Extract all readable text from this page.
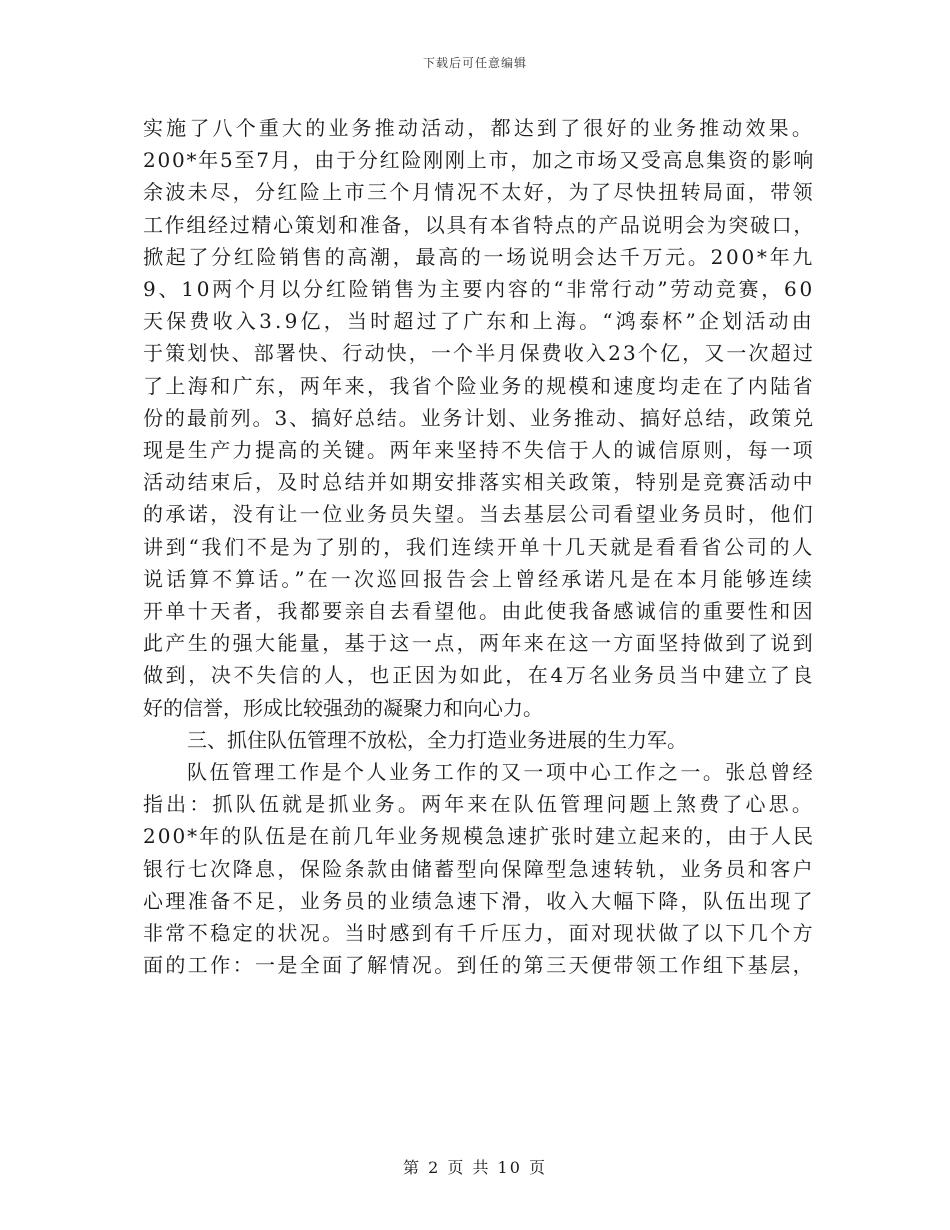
下载后可任意编辑
实施了八个重大的业务推动活动，都达到了很好的业务推动效果。
200*年5至7月，由于分红险刚刚上市，加之市场又受高息集资的影响
余波未尽，分红险上市三个月情况不太好，为了尽快扭转局面，带领
工作组经过精心策划和准备，以具有本省特点的产品说明会为突破口，
掀起了分红险销售的高潮，最高的一场说明会达千万元。200*年九
9、10两个月以分红险销售为主要内容的“非常行动”劳动竞赛，60
天保费收入3.9亿，当时超过了广东和上海。“鸿泰杯”企划活动由
于策划快、部署快、行动快，一个半月保费收入23个亿，又一次超过
了上海和广东，两年来，我省个险业务的规模和速度均走在了内陆省
份的最前列。3、搞好总结。业务计划、业务推动、搞好总结，政策兑
现是生产力提高的关键。两年来坚持不失信于人的诚信原则，每一项
活动结束后，及时总结并如期安排落实相关政策，特别是竞赛活动中
的承诺，没有让一位业务员失望。当去基层公司看望业务员时，他们
讲到“我们不是为了别的，我们连续开单十几天就是看看省公司的人
说话算不算话。”在一次巡回报告会上曾经承诺凡是在本月能够连续
开单十天者，我都要亲自去看望他。由此使我备感诚信的重要性和因
此产生的强大能量，基于这一点，两年来在这一方面坚持做到了说到
做到，决不失信的人，也正因为如此，在4万名业务员当中建立了良
好的信誉，形成比较强劲的凝聚力和向心力。
三、抓住队伍管理不放松，全力打造业务进展的生力军。
队伍管理工作是个人业务工作的又一项中心工作之一。张总曾经
指出：抓队伍就是抓业务。两年来在队伍管理问题上煞费了心思。
200*年的队伍是在前几年业务规模急速扩张时建立起来的，由于人民
银行七次降息，保险条款由储蓄型向保障型急速转轨，业务员和客户
心理准备不足，业务员的业绩急速下滑，收入大幅下降，队伍出现了
非常不稳定的状况。当时感到有千斤压力，面对现状做了以下几个方
面的工作：一是全面了解情况。到任的第三天便带领工作组下基层，
第 2 页 共 10 页
